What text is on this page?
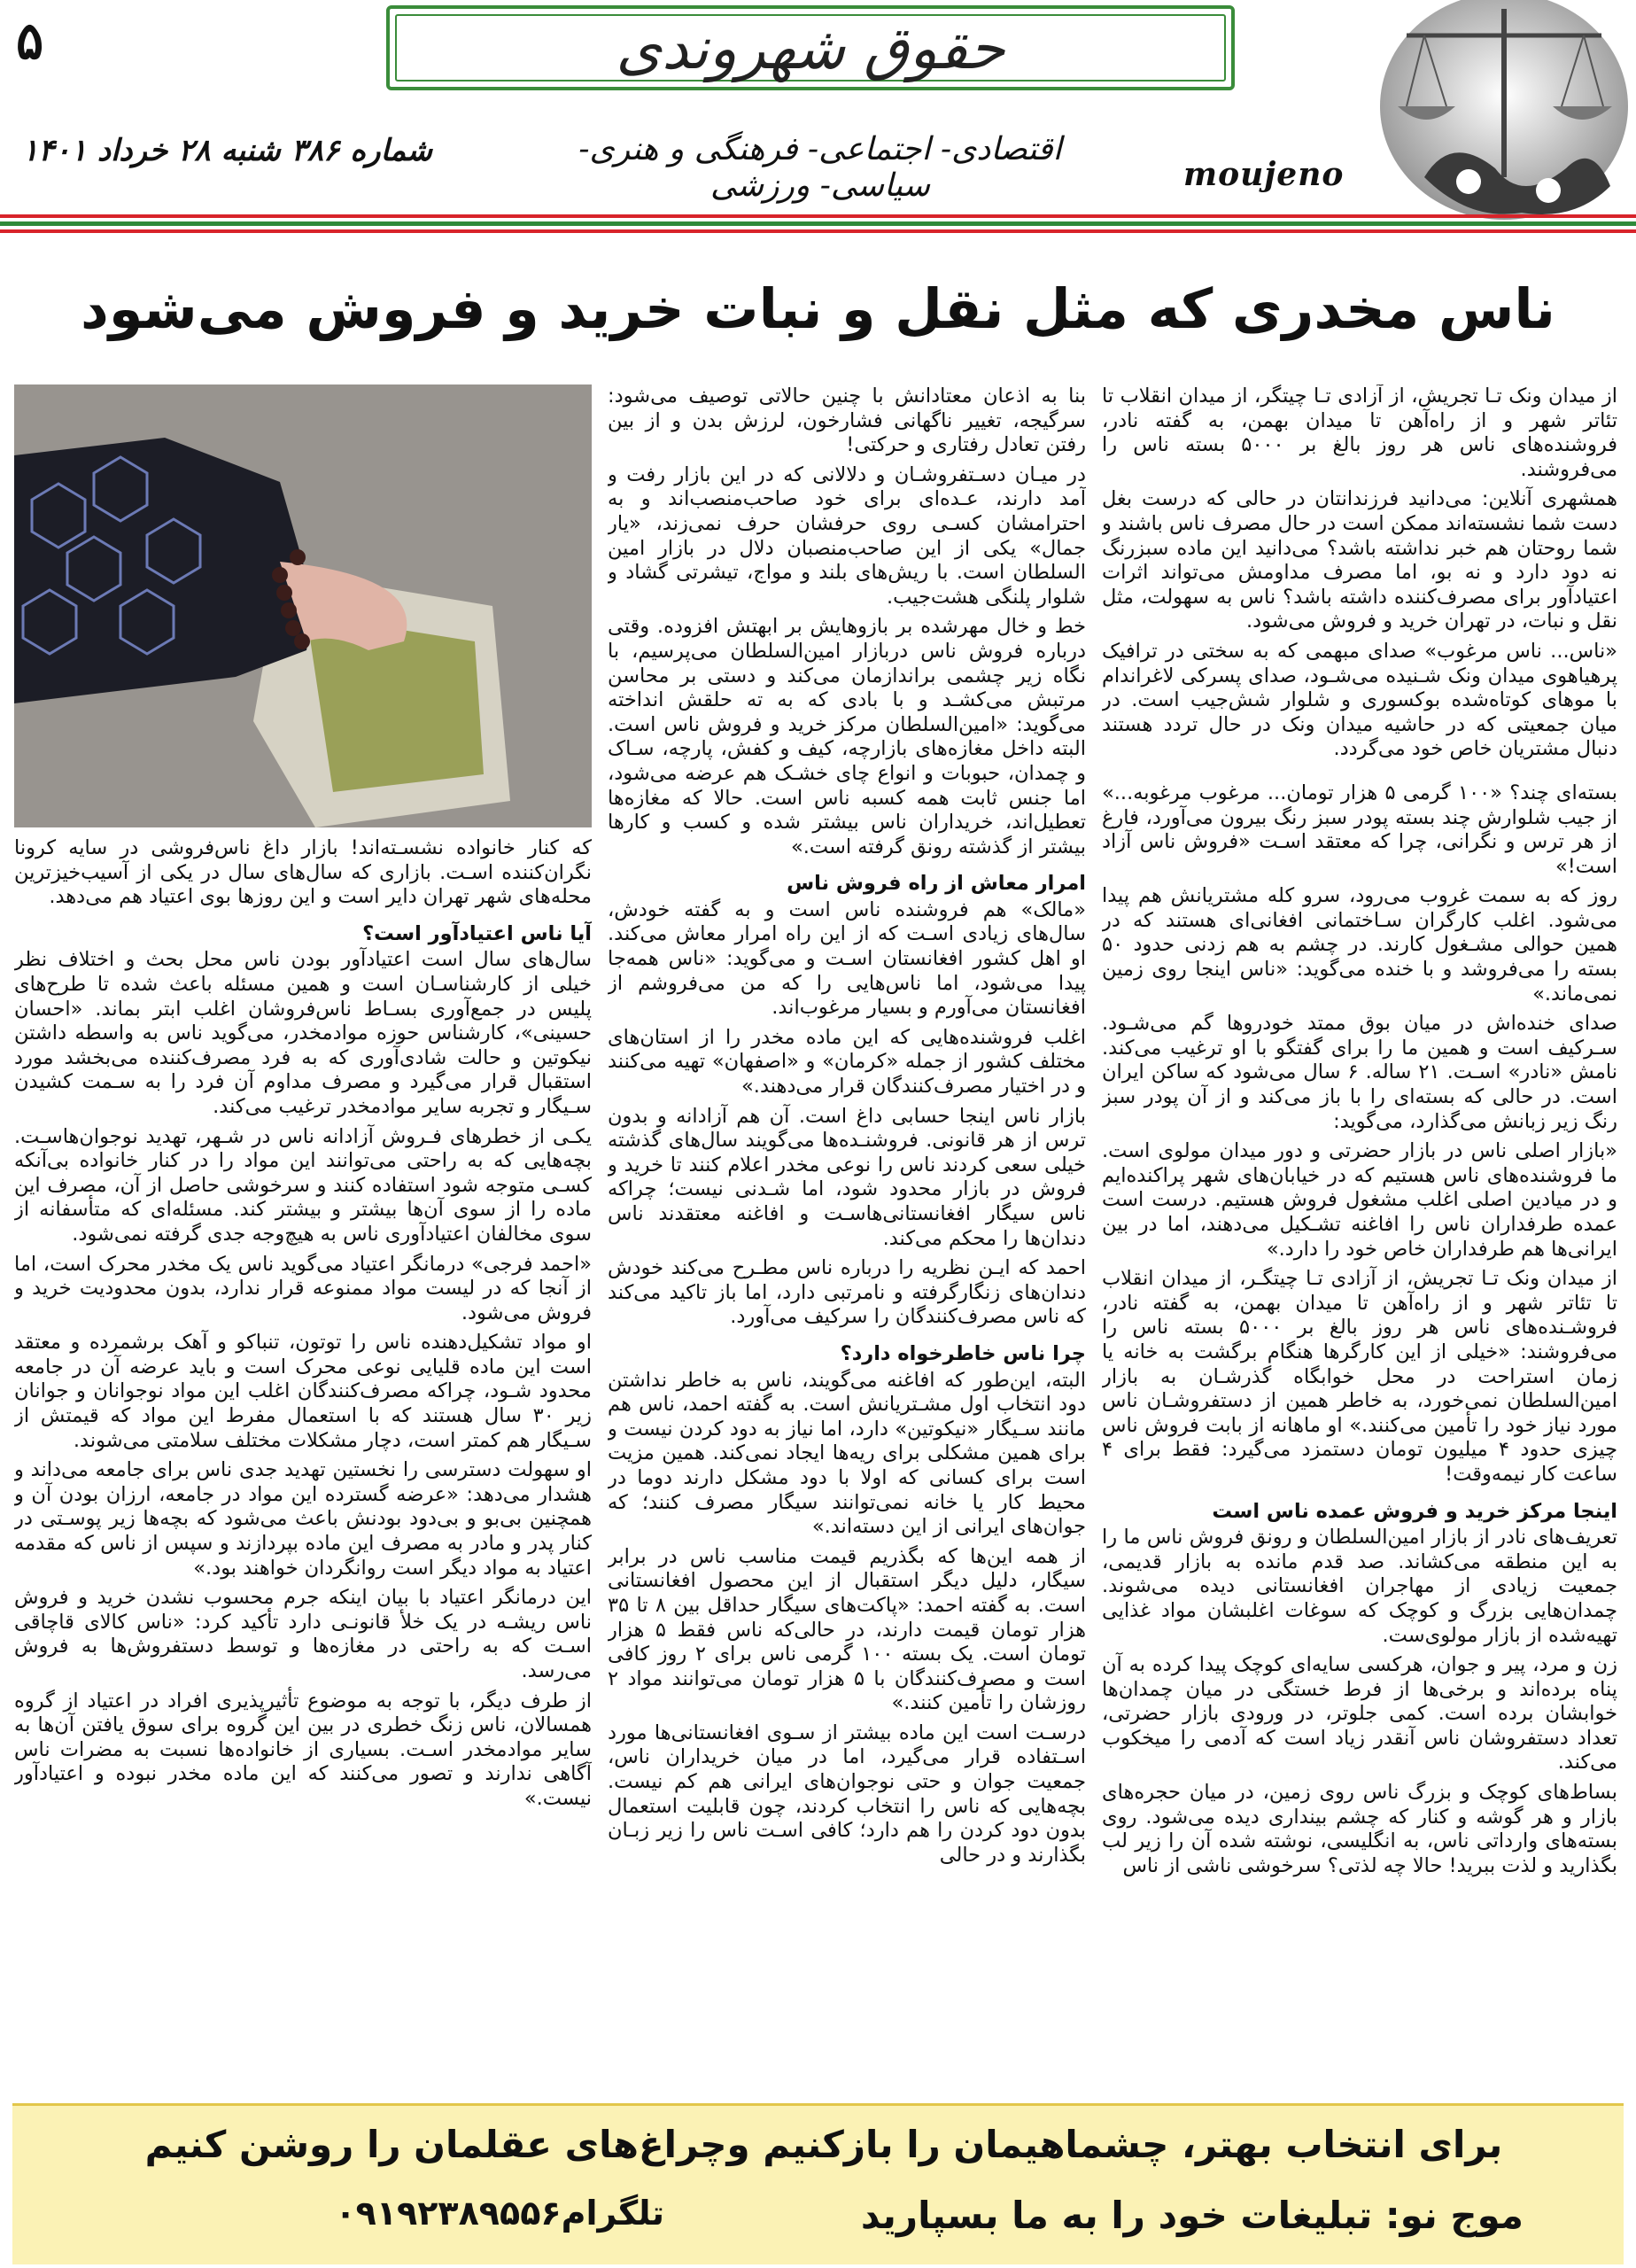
۵	حقوق شهروندی
شماره ۳۸۶ شنبه ۲۸ خرداد ۱۴۰۱	اقتصادی- اجتماعی- فرهنگی و هنری- سیاسی- ورزشی	moujeno
ناس مخدری که مثل نقل و نبات خرید و فروش می‌شود

از میدان ونک تـا تجریش، از آزادی تـا چیتگر، از میدان انقلاب تا تئاتر شهر و از راه‌آهن تا میدان بهمن، به گفته نادر، فروشنده‌های ناس هر روز بالغ بر ۵۰۰۰ بسته ناس را می‌فروشند.

همشهری آنلاین: می‌دانید فرزندانتان در حالی که درست بغل دست شما نشسته‌اند ممکن است در حال مصرف ناس باشند و شما روحتان هم خبر نداشته باشد؟ می‌دانید این ماده سبزرنگ نه دود دارد و نه بو، اما مصرف مداومش می‌تواند اثرات اعتیادآور برای مصرف‌کننده داشته باشد؟ ناس به سهولت، مثل نقل و نبات، در تهران خرید و فروش می‌شود.

«ناس... ناس مرغوب» صدای مبهمی که به سختی در ترافیک پرهیاهوی میدان ونک شـنیده می‌شـود، صدای پسرکی لاغراندام با موهای کوتاه‌شده بوکسوری و شلوار شش‌جیب است. در میان جمعیتی که در حاشیه میدان ونک در حال تردد هستند دنبال مشتریان خاص خود می‌گردد.

بسته‌ای چند؟ «۱۰۰ گرمی ۵ هزار تومان... مرغوب مرغوبه...» از جیب شلوارش چند بسته پودر سبز رنگ بیرون می‌آورد، فارغ از هر ترس و نگرانی، چرا که معتقد اسـت «فروش ناس آزاد است!»

روز که به سمت غروب می‌رود، سرو کله مشتریانش هم پیدا می‌شود. اغلب کارگران سـاختمانی افغانی‌ای هستند که در همین حوالی مشـغول کارند. در چشم به هم زدنی حدود ۵۰ بسته را می‌فروشد و با خنده می‌گوید: «ناس اینجا روی زمین نمی‌ماند.»

صدای خنده‌اش در میان بوق ممتد خودروها گم می‌شـود. سـرکیف است و همین ما را برای گفتگو با او ترغیب می‌کند. نامش «نادر» اسـت. ۲۱ ساله. ۶ سال می‌شود که ساکن ایران است. در حالی که بسته‌ای را با باز می‌کند و از آن پودر سبز رنگ زیر زبانش می‌گذارد، می‌گوید:

«بازار اصلی ناس در بازار حضرتی و دور میدان مولوی است. ما فروشنده‌های ناس هستیم که در خیابان‌های شهر پراکنده‌ایم و در میادین اصلی اغلب مشغول فروش هستیم. درست است عمده طرفداران ناس را افاغنه تشـکیل می‌دهند، اما در بین ایرانی‌ها هم طرفداران خاص خود را دارد.»

از میدان ونک تـا تجریش، از آزادی تـا چیتگـر، از میدان انقلاب تا تئاتر شهر و از راه‌آهن تا میدان بهمن، به گفته نادر، فروشـنده‌های ناس هر روز بالغ بر ۵۰۰۰ بسته ناس را می‌فروشند: «خیلی از این کارگرها هنگام برگشت به خانه یا زمان استراحت در محل خوابگاه گذرشـان به بازار امین‌السلطان نمی‌خورد، به خاطر همین از دستفروشـان ناس مورد نیاز خود را تأمین می‌کنند.» او ماهانه از بابت فروش ناس چیزی حدود ۴ میلیون تومان دستمزد می‌گیرد: فقط برای ۴ ساعت کار نیمه‌وقت!

اینجا مرکز خرید و فروش عمده ناس است

تعریف‌های نادر از بازار امین‌السلطان و رونق فروش ناس ما را به این منطقه می‌کشاند. صد قدم مانده به بازار قدیمی، جمعیت زیادی از مهاجران افغانستانی دیده می‌شوند. چمدان‌هایی بزرگ و کوچک که سوغات اغلبشان مواد غذایی تهیه‌شده از بازار مولوی‌ست.

زن و مرد، پیر و جوان، هرکسی سایه‌ای کوچک پیدا کرده به آن پناه برده‌اند و برخی‌ها از فرط خستگی در میان چمدان‌ها خوابشان برده است. کمی جلوتر، در ورودی بازار حضرتی، تعداد دستفروشان ناس آنقدر زیاد است که آدمی را میخکوب می‌کند.

بساط‌های کوچک و بزرگ ناس روی زمین، در میان حجره‌های بازار و هر گوشه و کنار که چشم بینداری دیده می‌شود. روی بسته‌های وارداتی ناس، به انگلیسی، نوشته شده آن را زیر لب بگذارید و لذت ببرید! حالا چه لذتی؟ سرخوشی ناشی از ناس

بنا به اذعان معتادانش با چنین حالاتی توصیف می‌شود: سرگیجه، تغییر ناگهانی فشارخون، لرزش بدن و از بین رفتن تعادل رفتاری و حرکتی!

در میـان دسـتفروشـان و دلالانی که در این بازار رفت و آمد دارند، عـده‌ای برای خود صاحب‌منصب‌اند و به احترامشان کسـی روی حرفشان حرف نمی‌زند، «یار جمال» یکی از این صاحب‌منصبان دلال در بازار امین السلطان است. با ریش‌های بلند و مواج، تیشرتی گشاد و شلوار پلنگی هشت‌جیب.

خط و خال مهرشده بر بازوهایش بر ابهتش افزوده. وقتی درباره فروش ناس دربازار امین‌السلطان می‌پرسیم، با نگاه زیر چشمی براندازمان می‌کند و دستی بر محاسن مرتبش می‌کشـد و با بادی که به ته حلقش انداخته می‌گوید: «امین‌السلطان مرکز خرید و فروش ناس است. البته داخل مغازه‌های بازارچه، کیف و کفش، پارچه، سـاک و چمدان، حبوبات و انواع چای خشـک هم عرضه می‌شود، اما جنس ثابت همه کسبه ناس است. حالا که مغازه‌ها تعطیل‌اند، خریداران ناس بیشتر شده و کسب و کارها بیشتر از گذشته رونق گرفته است.»

امرار معاش از راه فروش ناس

«مالک» هم فروشنده ناس است و به گفته خودش، سال‌های زیادی اسـت که از این راه امرار معاش می‌کند. او اهل کشور افغانستان اسـت و می‌گوید: «ناس همه‌جا پیدا می‌شود، اما ناس‌هایی را که من می‌فروشم از افغانستان می‌آورم و بسیار مرغوب‌اند.

اغلب فروشنده‌هایی که این ماده مخدر را از استان‌های مختلف کشور از جمله «کرمان» و «اصفهان» تهیه می‌کنند و در اختیار مصرف‌کنندگان قرار می‌دهند.»

بازار ناس اینجا حسابی داغ است. آن هم آزادانه و بدون ترس از هر قانونی. فروشنـده‌ها می‌گویند سال‌های گذشته خیلی سعی کردند ناس را نوعی مخدر اعلام کنند تا خرید و فروش در بازار محدود شود، اما شـدنی نیست؛ چراکه ناس سیگار افغانستانی‌هاسـت و افاغنه معتقدند ناس دندان‌ها را محکم می‌کند.

احمد که ایـن نظریه را درباره ناس مطـرح می‌کند خودش دندان‌های زنگارگرفته و نامرتبی دارد، اما باز تاکید می‌کند که ناس مصرف‌کنندگان را سرکیف می‌آورد.

چرا ناس خاطرخواه دارد؟

البته، این‌طور که افاغنه می‌گویند، ناس به خاطر نداشتن دود انتخاب اول مشـتریانش است. به گفته احمد، ناس هم مانند سـیگار «نیکوتین» دارد، اما نیاز به دود کردن نیست و برای همین مشکلی برای ریه‌ها ایجاد نمی‌کند. همین مزیت است برای کسانی که اولا با دود مشکل دارند دوما در محیط کار یا خانه نمی‌توانند سیگار مصرف کنند؛ که جوان‌های ایرانی از این دسته‌اند.»

از همه این‌ها که بگذریم قیمت مناسب ناس در برابر سیگار، دلیل دیگر استقبال از این محصول افغانستانی است. به گفته احمد: «پاکت‌های سیگار حداقل بین ۸ تا ۳۵ هزار تومان قیمت دارند، در حالی‌که ناس فقط ۵ هزار تومان است. یک بسته ۱۰۰ گرمی ناس برای ۲ روز کافی است و مصرف‌کنندگان با ۵ هزار تومان می‌توانند مواد ۲ روزشان را تأمین کنند.»

درسـت است این ماده بیشتر از سـوی افغانستانی‌ها مورد اسـتفاده قرار می‌گیرد، اما در میان خریداران ناس، جمعیت جوان و حتی نوجوان‌های ایرانی هم کم نیست. بچه‌هایی که ناس را انتخاب کردند، چون قابلیت استعمال بدون دود کردن را هم دارد؛ کافی اسـت ناس را زیر زبـان بگذارند و در حالی

که کنار خانواده نشسـته‌اند! بازار داغ ناس‌فروشی در سایه کرونا نگران‌کننده اسـت. بازاری که سال‌های سال در یکی از آسیب‌خیزترین محله‌های شهر تهران دایر است و این روزها بوی اعتیاد هم می‌دهد.

آیا ناس اعتیادآور است؟

سال‌های سال است اعتیادآور بودن ناس محل بحث و اختلاف نظر خیلی از کارشناسـان است و همین مسئله باعث شده تا طرح‌های پلیس در جمع‌آوری بسـاط ناس‌فروشان اغلب ابتر بماند. «احسان حسینی»، کارشناس حوزه موادمخدر، می‌گوید ناس به واسطه داشتن نیکوتین و حالت شادی‌آوری که به فرد مصرف‌کننده می‌بخشد مورد استقبال قرار می‌گیرد و مصرف مداوم آن فرد را به سـمت کشیدن سـیگار و تجربه سایر موادمخدر ترغیب می‌کند.

یکـی از خطرهای فـروش آزادانه ناس در شـهر، تهدید نوجوان‌هاسـت. بچه‌هایی که به راحتی می‌توانند این مواد را در کنار خانواده بی‌آنکه کسـی متوجه شود استفاده کنند و سرخوشی حاصل از آن، مصرف این ماده را از سوی آن‌ها بیشتر و بیشتر کند. مسئله‌ای که متأسفانه از سوی مخالفان اعتیادآوری ناس به هیچ‌وجه جدی گرفته نمی‌شود.

«احمد فرجی» درمانگر اعتیاد می‌گوید ناس یک مخدر محرک است، اما از آنجا که در لیست مواد ممنوعه قرار ندارد، بدون محدودیت خرید و فروش می‌شود.

او مواد تشکیل‌دهنده ناس را توتون، تنباکو و آهک برشمرده و معتقد است این ماده قلیایی نوعی محرک است و باید عرضه آن در جامعه محدود شـود، چراکه مصرف‌کنندگان اغلب این مواد نوجوانان و جوانان زیر ۳۰ سال هستند که با استعمال مفرط این مواد که قیمتش از سـیگار هم کمتر است، دچار مشکلات مختلف سلامتی می‌شوند.

او سهولت دسترسی را نخستین تهدید جدی ناس برای جامعه می‌داند و هشدار می‌دهد: «عرضه گسترده این مواد در جامعه، ارزان بودن آن و همچنین بی‌بو و بی‌دود بودنش باعث می‌شود که بچه‌ها زیر پوسـتی در کنار پدر و مادر به مصرف این ماده بپردازند و سپس از ناس که مقدمه اعتیاد به مواد دیگر است روانگردان خواهند بود.»

این درمانگر اعتیاد با بیان اینکه جرم محسوب نشدن خرید و فروش ناس ریشـه در یک خلأ قانونـی دارد تأکید کرد: «ناس کالای قاچاقی اسـت که به راحتی در مغازه‌ها و توسط دستفروش‌ها به فروش می‌رسد.

از طرف دیگر، با توجه به موضوع تأثیرپذیری افراد در اعتیاد از گروه همسالان، ناس زنگ خطری در بین این گروه برای سوق یافتن آن‌ها به سایر موادمخدر اسـت. بسیاری از خانواده‌ها نسبت به مضرات ناس آگاهی ندارند و تصور می‌کنند که این ماده مخدر نبوده و اعتیادآور نیست.»

برای انتخاب بهتر، چشماهیمان را بازکنیم وچراغ‌های عقلمان را روشن کنیم
موج نو: تبلیغات خود را به ما بسپارید
تلگرام۰۹۱۹۲۳۸۹۵۵۶
